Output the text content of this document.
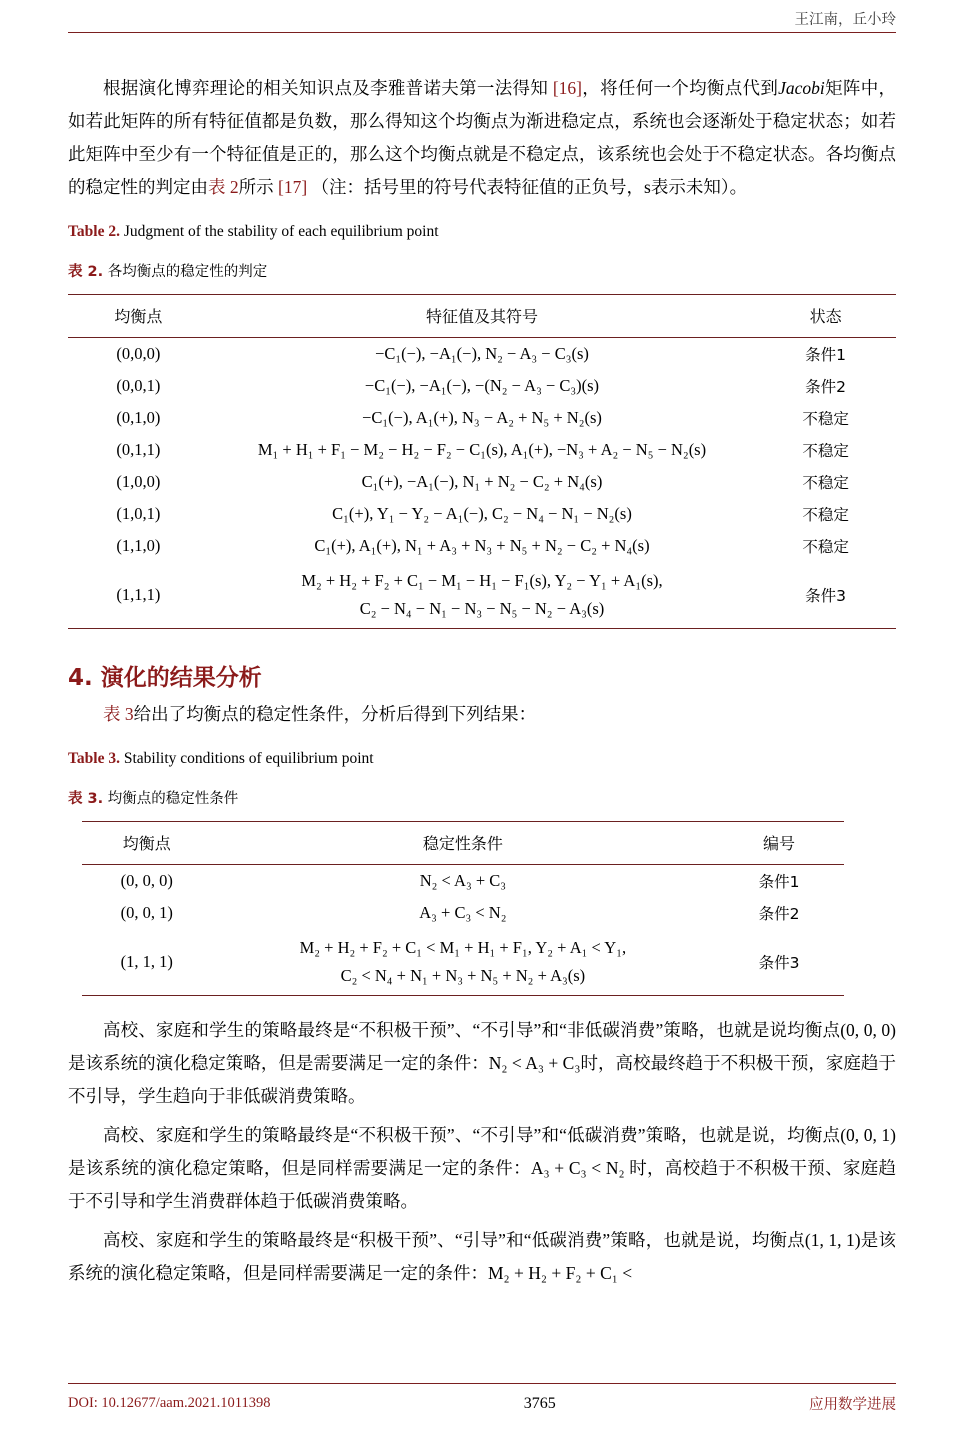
王江南，丘小玲

根据演化博弈理论的相关知识点及李雅普诺夫第一法得知 [16]，将任何一个均衡点代到Jacobi矩阵中，如若此矩阵的所有特征值都是负数，那么得知这个均衡点为渐进稳定点，系统也会逐渐处于稳定状态；如若此矩阵中至少有一个特征值是正的，那么这个均衡点就是不稳定点，该系统也会处于不稳定状态。各均衡点的稳定性的判定由表 2所示 [17] （注：括号里的符号代表特征值的正负号，s表示未知）。

Table 2. Judgment of the stability of each equilibrium point
表 2. 各均衡点的稳定性的判定
均衡点	特征值及其符号	状态
(0,0,0)	−C₁(−), −A₁(−), N₂ − A₃ − C₃(s)	条件1
(0,0,1)	−C₁(−), −A₁(−), −(N₂ − A₃ − C₃)(s)	条件2
(0,1,0)	−C₁(−), A₁(+), N₃ − A₂ + N₅ + N₂(s)	不稳定
(0,1,1)	M₁ + H₁ + F₁ − M₂ − H₂ − F₂ − C₁(s), A₁(+), −N₃ + A₂ − N₅ − N₂(s)	不稳定
(1,0,0)	C₁(+), −A₁(−), N₁ + N₂ − C₂ + N₄(s)	不稳定
(1,0,1)	C₁(+), Y₁ − Y₂ − A₁(−), C₂ − N₄ − N₁ − N₂(s)	不稳定
(1,1,0)	C₁(+), A₁(+), N₁ + A₃ + N₃ + N₅ + N₂ − C₂ + N₄(s)	不稳定
(1,1,1)	M₂ + H₂ + F₂ + C₁ − M₁ − H₁ − F₁(s), Y₂ − Y₁ + A₁(s),
C₂ − N₄ − N₁ − N₃ − N₅ − N₂ − A₃(s)	条件3
4. 演化的结果分析

表 3给出了均衡点的稳定性条件，分析后得到下列结果：

Table 3. Stability conditions of equilibrium point
表 3. 均衡点的稳定性条件
均衡点	稳定性条件	编号
(0, 0, 0)	N₂ < A₃ + C₃	条件1
(0, 0, 1)	A₃ + C₃ < N₂	条件2
(1, 1, 1)	M₂ + H₂ + F₂ + C₁ < M₁ + H₁ + F₁, Y₂ + A₁ < Y₁,
C₂ < N₄ + N₁ + N₃ + N₅ + N₂ + A₃(s)	条件3

高校、家庭和学生的策略最终是“不积极干预”、“不引导”和“非低碳消费”策略，也就是说均衡点(0, 0, 0)是该系统的演化稳定策略，但是需要满足一定的条件：N₂ < A₃ + C₃时，高校最终趋于不积极干预，家庭趋于不引导，学生趋向于非低碳消费策略。

高校、家庭和学生的策略最终是“不积极干预”、“不引导”和“低碳消费”策略，也就是说，均衡点(0, 0, 1)是该系统的演化稳定策略，但是同样需要满足一定的条件：A₃ + C₃ < N₂ 时，高校趋于不积极干预、家庭趋于不引导和学生消费群体趋于低碳消费策略。

高校、家庭和学生的策略最终是“积极干预”、“引导”和“低碳消费”策略，也就是说，均衡点(1, 1, 1)是该系统的演化稳定策略，但是同样需要满足一定的条件：M₂ + H₂ + F₂ + C₁ <

DOI: 10.12677/aam.2021.1011398	3765	应用数学进展
